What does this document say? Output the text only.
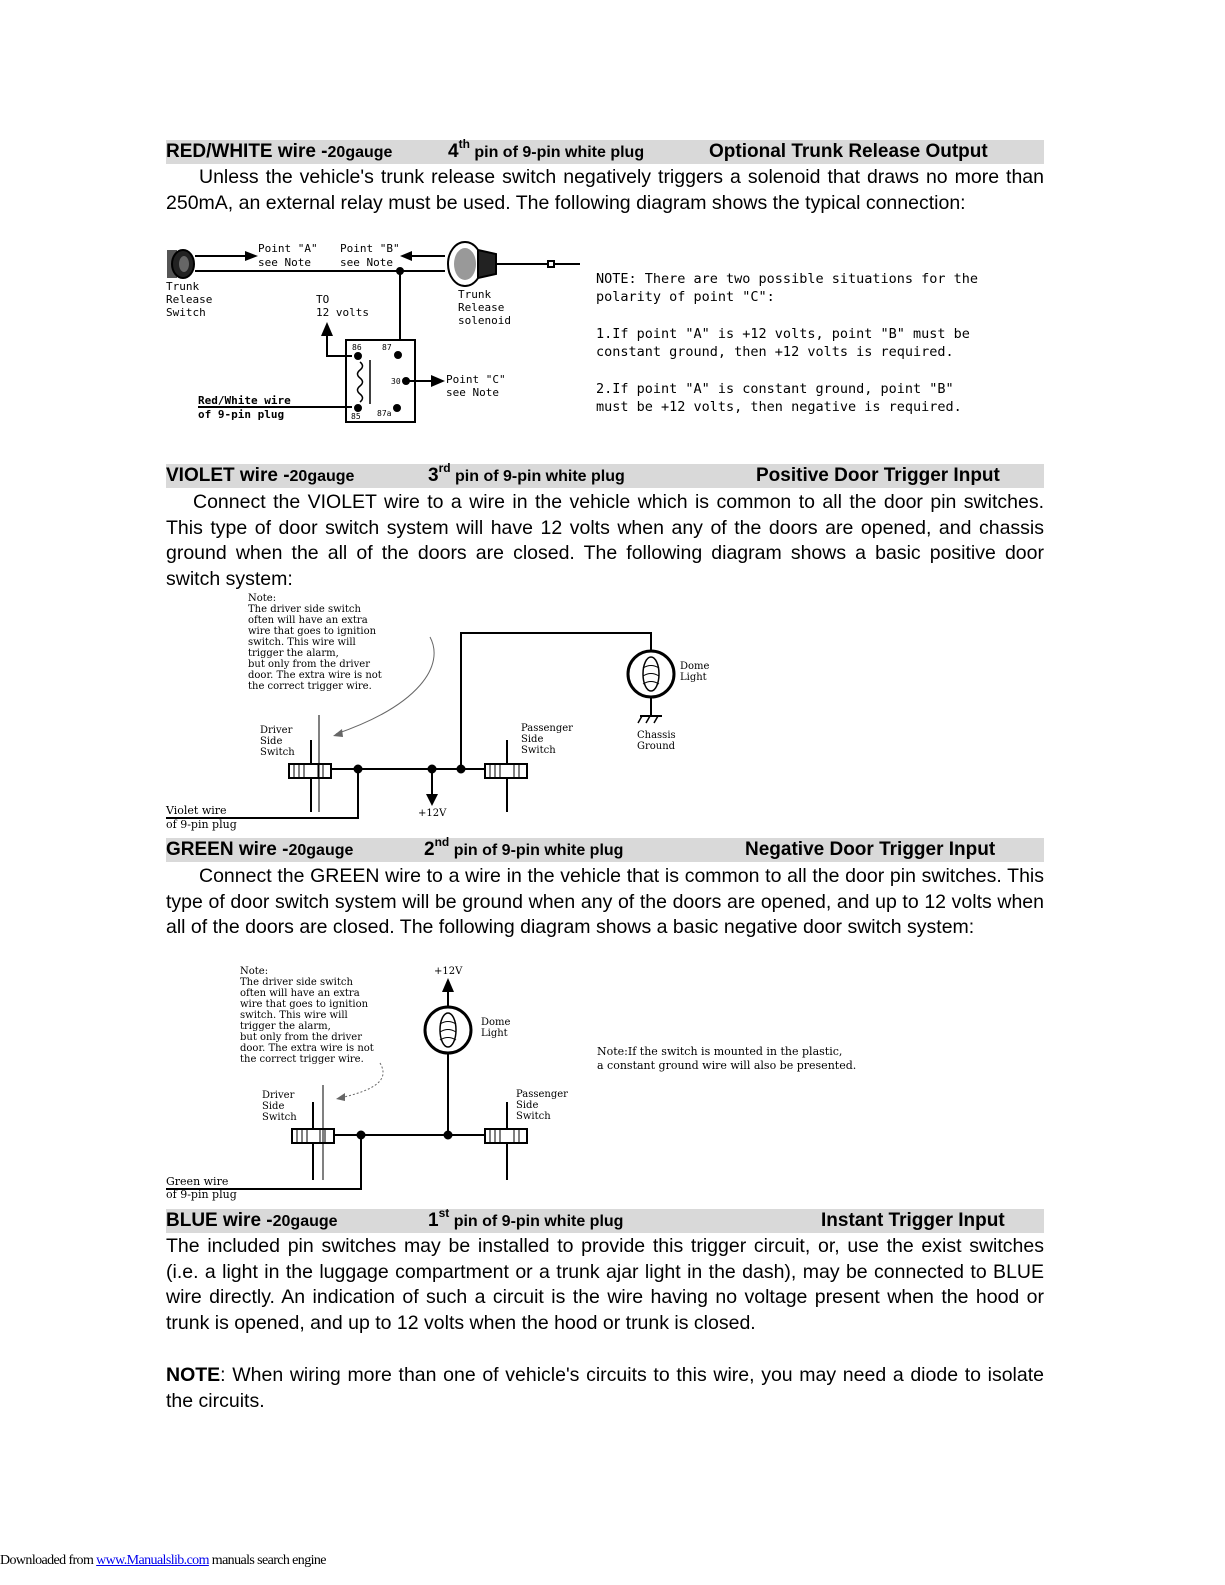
RED/WHITE wire -20gauge	4th pin of 9-pin white plug	Optional Trunk Release Output

Unless the vehicle's trunk release switch negatively triggers a solenoid that draws no more than 250mA, an external relay must be used. The following diagram shows the typical connection:

VIOLET wire -20gauge	3rd pin of 9-pin white plug	Positive Door Trigger Input

Connect the VIOLET wire to a wire in the vehicle which is common to all the door pin switches. This type of door switch system will have 12 volts when any of the doors are opened, and chassis ground when the all of the doors are closed. The following diagram shows a basic positive door switch system:

GREEN wire -20gauge	2nd pin of 9-pin white plug	Negative Door Trigger Input

Connect the GREEN wire to a wire in the vehicle that is common to all the door pin switches. This type of door switch system will be ground when any of the doors are opened, and up to 12 volts when all of the doors are closed. The following diagram shows a basic negative door switch system:

BLUE wire -20gauge	1st pin of 9-pin white plug	Instant Trigger Input

The included pin switches may be installed to provide this trigger circuit, or, use the exist switches (i.e. a light in the luggage compartment or a trunk ajar light in the dash), may be connected to BLUE wire directly. An indication of such a circuit is the wire having no voltage present when the hood or trunk is opened, and up to 12 volts when the hood or trunk is closed.

NOTE: When wiring more than one of vehicle's circuits to this wire, you may need a diode to isolate the circuits.

Point "A"
see Note
Point "B"
see Note
Trunk
Release
Switch
TO
12 volts
Trunk
Release
solenoid
86	87
30
85 87a
Point "C"
see Note
Red/White wire
of 9-pin plug
NOTE: There are two possible situations for the
polarity of point "C":
1.If point "A" is +12 volts, point "B" must be
constant ground, then +12 volts is required.
2.If point "A" is constant ground, point "B"
must be +12 volts, then negative is required.
Note:
The driver side switch
often will have an extra
wire that goes to ignition
switch. This wire will
trigger the alarm,
but only from the driver
door. The extra wire is not
the correct trigger wire.
Driver
Side
Switch
Passenger
Side
Switch
Dome
Light
Chassis
Ground
+12V
Violet wire
of 9-pin plug
Note:
The driver side switch
often will have an extra
wire that goes to ignition
switch. This wire will
trigger the alarm,
but only from the driver
door. The extra wire is not
the correct trigger wire.
+12V
Dome
Light
Driver
Side
Switch
Passenger
Side
Switch
Note:If the switch is mounted in the plastic,
a constant ground wire will also be presented.
Green wire
of 9-pin plug
Downloaded from www.Manualslib.com manuals search engine
